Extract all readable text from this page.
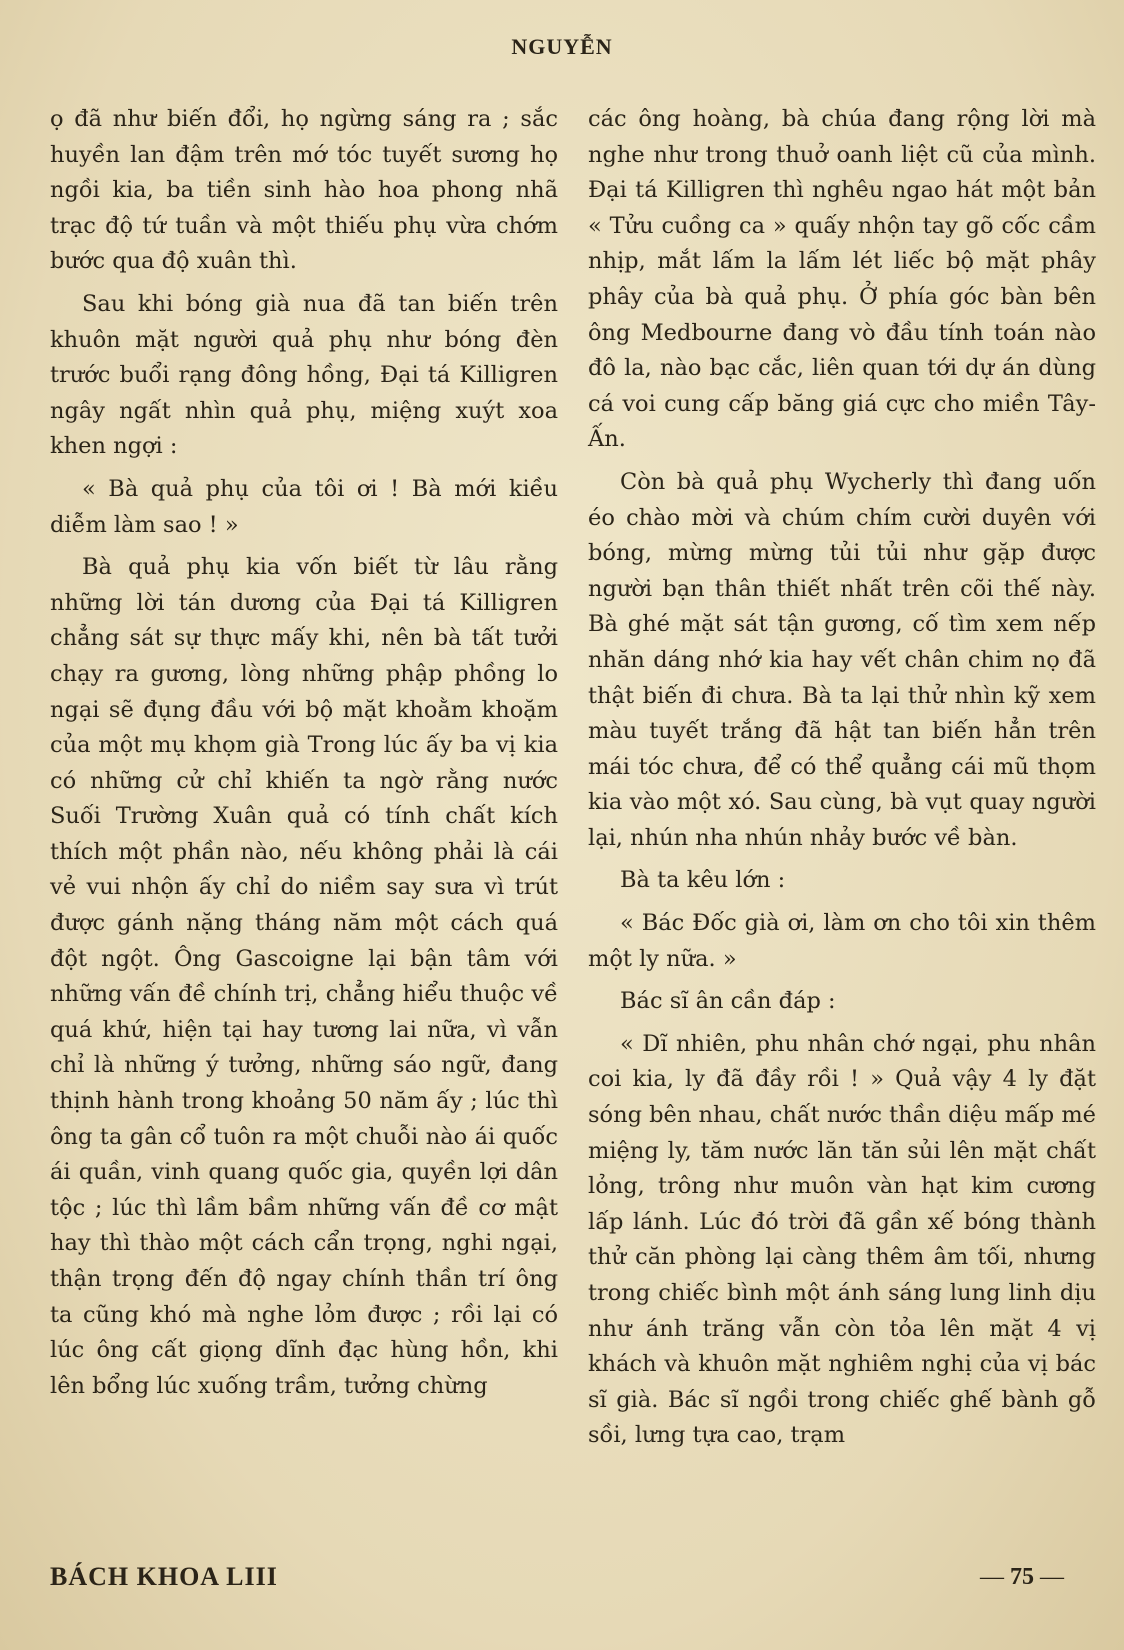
NGUYỄN

ọ đã như biến đổi, họ ngừng sáng ra ; sắc huyền lan đậm trên mớ tóc tuyết sương họ ngồi kia, ba tiền sinh hào hoa phong nhã trạc độ tứ tuần và một thiếu phụ vừa chớm bước qua độ xuân thì.

Sau khi bóng già nua đã tan biến trên khuôn mặt người quả phụ như bóng đèn trước buổi rạng đông hồng, Đại tá Killigren ngây ngất nhìn quả phụ, miệng xuýt xoa khen ngợi :

« Bà quả phụ của tôi ơi ! Bà mới kiều diễm làm sao ! »

Bà quả phụ kia vốn biết từ lâu rằng những lời tán dương của Đại tá Killigren chẳng sát sự thực mấy khi, nên bà tất tưởi chạy ra gương, lòng những phập phồng lo ngại sẽ đụng đầu với bộ mặt khoằm khoặm của một mụ khọm già Trong lúc ấy ba vị kia có những cử chỉ khiến ta ngờ rằng nước Suối Trường Xuân quả có tính chất kích thích một phần nào, nếu không phải là cái vẻ vui nhộn ấy chỉ do niềm say sưa vì trút được gánh nặng tháng năm một cách quá đột ngột. Ông Gascoigne lại bận tâm với những vấn đề chính trị, chẳng hiểu thuộc về quá khứ, hiện tại hay tương lai nữa, vì vẫn chỉ là những ý tưởng, những sáo ngữ, đang thịnh hành trong khoảng 50 năm ấy ; lúc thì ông ta gân cổ tuôn ra một chuỗi nào ái quốc ái quần, vinh quang quốc gia, quyền lợi dân tộc ; lúc thì lầm bầm những vấn đề cơ mật hay thì thào một cách cẩn trọng, nghi ngại, thận trọng đến độ ngay chính thần trí ông ta cũng khó mà nghe lỏm được ; rồi lại có lúc ông cất giọng dĩnh đạc hùng hồn, khi lên bổng lúc xuống trầm, tưởng chừng

các ông hoàng, bà chúa đang rộng lời mà nghe như trong thuở oanh liệt cũ của mình. Đại tá Killigren thì nghêu ngao hát một bản « Tửu cuồng ca » quấy nhộn tay gõ cốc cầm nhịp, mắt lấm la lấm lét liếc bộ mặt phây phây của bà quả phụ. Ở phía góc bàn bên ông Medbourne đang vò đầu tính toán nào đô la, nào bạc cắc, liên quan tới dự án dùng cá voi cung cấp băng giá cực cho miền Tây-Ấn.

Còn bà quả phụ Wycherly thì đang uốn éo chào mời và chúm chím cười duyên với bóng, mừng mừng tủi tủi như gặp được người bạn thân thiết nhất trên cõi thế này. Bà ghé mặt sát tận gương, cố tìm xem nếp nhăn dáng nhớ kia hay vết chân chim nọ đã thật biến đi chưa. Bà ta lại thử nhìn kỹ xem màu tuyết trắng đã hật tan biến hẳn trên mái tóc chưa, để có thể quẳng cái mũ thọm kia vào một xó. Sau cùng, bà vụt quay người lại, nhún nha nhún nhảy bước về bàn.

Bà ta kêu lớn :

« Bác Đốc già ơi, làm ơn cho tôi xin thêm một ly nữa. »

Bác sĩ ân cần đáp :

« Dĩ nhiên, phu nhân chớ ngại, phu nhân coi kia, ly đã đầy rồi ! » Quả vậy 4 ly đặt sóng bên nhau, chất nước thần diệu mấp mé miệng ly, tăm nước lăn tăn sủi lên mặt chất lỏng, trông như muôn vàn hạt kim cương lấp lánh. Lúc đó trời đã gần xế bóng thành thử căn phòng lại càng thêm âm tối, nhưng trong chiếc bình một ánh sáng lung linh dịu như ánh trăng vẫn còn tỏa lên mặt 4 vị khách và khuôn mặt nghiêm nghị của vị bác sĩ già. Bác sĩ ngồi trong chiếc ghế bành gỗ sồi, lưng tựa cao, trạm

BÁCH KHOA LIII
—	75 —
